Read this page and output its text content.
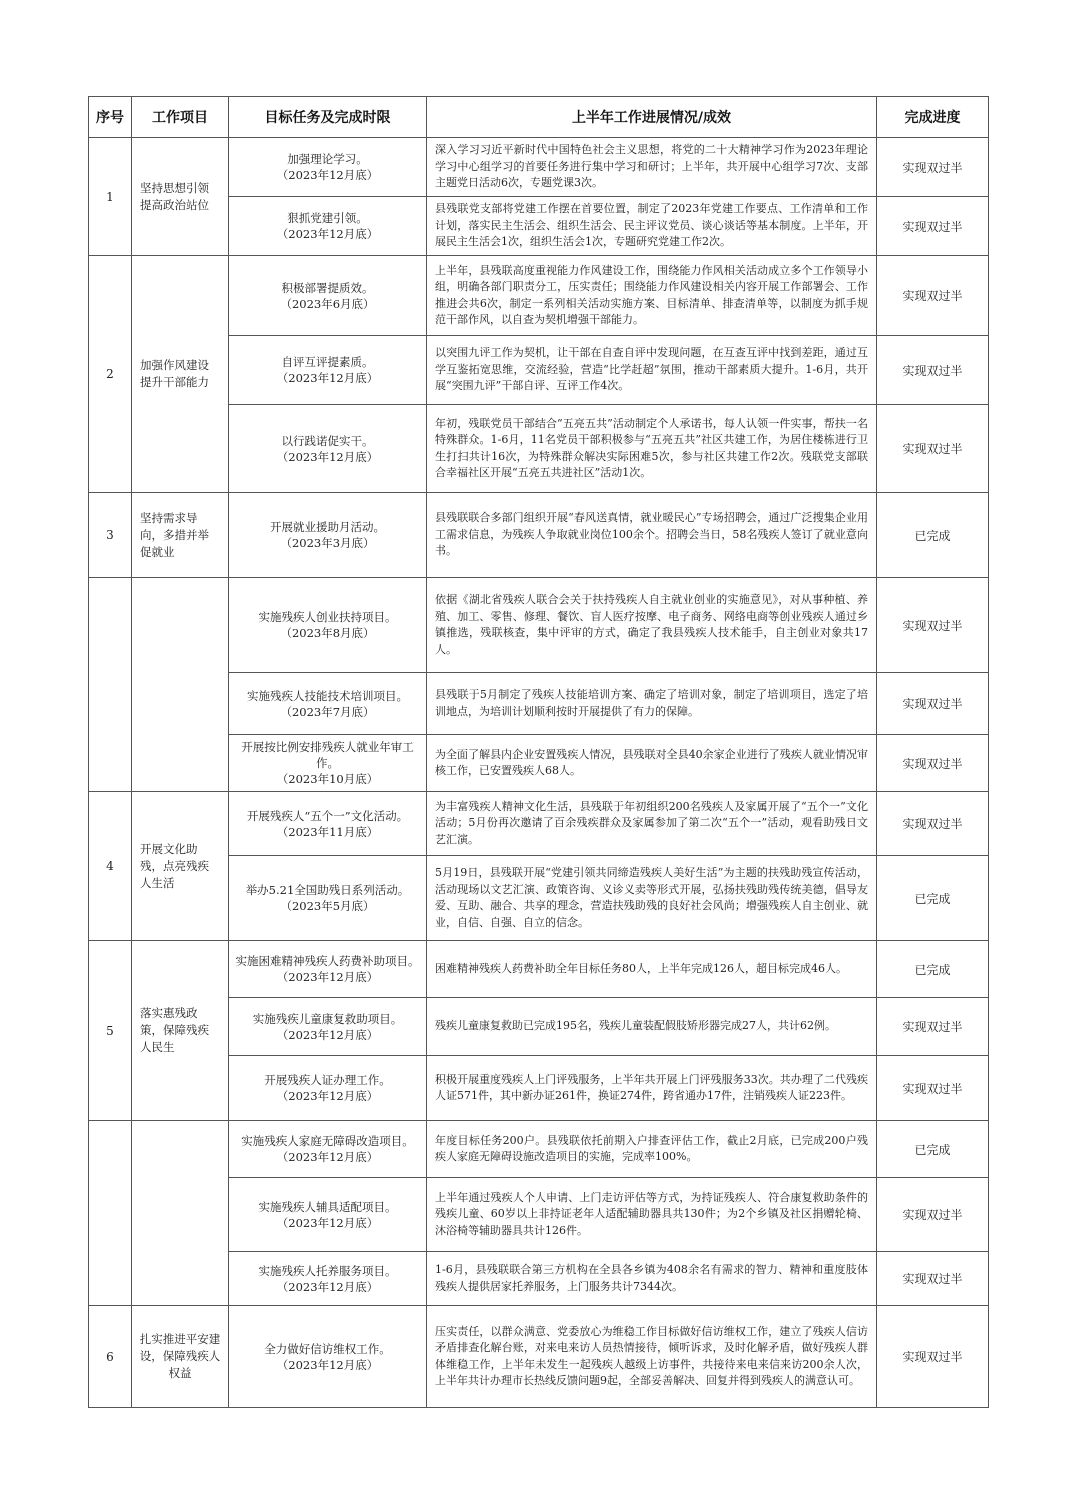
序号	工作项目	目标任务及完成时限	上半年工作进展情况/成效	完成进度
1	坚持思想引领提高政治站位	加强理论学习。
（2023年12月底）	深入学习习近平新时代中国特色社会主义思想，将党的二十大精神学习作为2023年理论学习中心组学习的首要任务进行集中学习和研讨；上半年，共开展中心组学习7次、支部主题党日活动6次，专题党课3次。	实现双过半

		狠抓党建引领。
（2023年12月底）	县残联党支部将党建工作摆在首要位置，制定了2023年党建工作要点、工作清单和工作计划，落实民主生活会、组织生活会、民主评议党员、谈心谈话等基本制度。上半年，开展民主生活会1次，组织生活会1次，专题研究党建工作2次。	实现双过半
2	加强作风建设提升干部能力	积极部署提质效。
（2023年6月底）	上半年，县残联高度重视能力作风建设工作，围绕能力作风相关活动成立多个工作领导小组，明确各部门职责分工，压实责任；围绕能力作风建设相关内容开展工作部署会、工作推进会共6次，制定一系列相关活动实施方案、目标清单、排查清单等，以制度为抓手规范干部作风，以自查为契机增强干部能力。	实现双过半

		自评互评提素质。
（2023年12月底）	以突围九评工作为契机，让干部在自查自评中发现问题，在互查互评中找到差距，通过互学互鉴拓宽思维，交流经验，营造“比学赶超”氛围，推动干部素质大提升。1-6月，共开展“突围九评”干部自评、互评工作4次。	实现双过半

		以行践诺促实干。
（2023年12月底）	年初，残联党员干部结合“五亮五共”活动制定个人承诺书，每人认领一件实事，帮扶一名特殊群众。1-6月，11名党员干部积极参与“五亮五共”社区共建工作，为居住楼栋进行卫生打扫共计16次，为特殊群众解决实际困难5次，参与社区共建工作2次。残联党支部联合幸福社区开展“五亮五共进社区”活动1次。	实现双过半
3	坚持需求导向，多措并举促就业	开展就业援助月活动。
（2023年3月底）	县残联联合多部门组织开展“春风送真情，就业暖民心”专场招聘会，通过广泛搜集企业用工需求信息，为残疾人争取就业岗位100余个。招聘会当日，58名残疾人签订了就业意向书。	已完成

		实施残疾人创业扶持项目。
（2023年8月底）	依据《湖北省残疾人联合会关于扶持残疾人自主就业创业的实施意见》，对从事种植、养殖、加工、零售、修理、餐饮、盲人医疗按摩、电子商务、网络电商等创业残疾人通过乡镇推选，残联核查，集中评审的方式，确定了我县残疾人技术能手，自主创业对象共17人。	实现双过半

		实施残疾人技能技术培训项目。
（2023年7月底）	县残联于5月制定了残疾人技能培训方案、确定了培训对象，制定了培训项目，选定了培训地点，为培训计划顺利按时开展提供了有力的保障。	实现双过半

		开展按比例安排残疾人就业年审工作。
（2023年10月底）	为全面了解县内企业安置残疾人情况，县残联对全县40余家企业进行了残疾人就业情况审核工作，已安置残疾人68人。	实现双过半
4	开展文化助残，点亮残疾人生活	开展残疾人“五个一”文化活动。
（2023年11月底）	为丰富残疾人精神文化生活，县残联于年初组织200名残疾人及家属开展了“五个一”文化活动；5月份再次邀请了百余残疾群众及家属参加了第二次“五个一”活动，观看助残日文艺汇演。	实现双过半

		举办5.21全国助残日系列活动。
（2023年5月底）	5月19日，县残联开展“党建引领共同缔造残疾人美好生活”为主题的扶残助残宣传活动，活动现场以文艺汇演、政策咨询、义诊义卖等形式开展，弘扬扶残助残传统美德，倡导友爱、互助、融合、共享的理念，营造扶残助残的良好社会风尚；增强残疾人自主创业、就业，自信、自强、自立的信念。	已完成
5	落实惠残政策，保障残疾人民生	实施困难精神残疾人药费补助项目。
（2023年12月底）	困难精神残疾人药费补助全年目标任务80人，上半年完成126人，超目标完成46人。	已完成

		实施残疾儿童康复救助项目。
（2023年12月底）	残疾儿童康复救助已完成195名，残疾儿童装配假肢矫形器完成27人，共计62例。	实现双过半

		开展残疾人证办理工作。
（2023年12月底）	积极开展重度残疾人上门评残服务，上半年共开展上门评残服务33次。共办理了二代残疾人证571件，其中新办证261件，换证274件，跨省通办17件，注销残疾人证223件。	实现双过半

		实施残疾人家庭无障碍改造项目。
（2023年12月底）	年度目标任务200户。县残联依托前期入户排查评估工作，截止2月底，已完成200户残疾人家庭无障碍设施改造项目的实施，完成率100%。	已完成

		实施残疾人辅具适配项目。
（2023年12月底）	上半年通过残疾人个人申请、上门走访评估等方式，为持证残疾人、符合康复救助条件的残疾儿童、60岁以上非持证老年人适配辅助器具共130件；为2个乡镇及社区捐赠轮椅、沐浴椅等辅助器具共计126件。	实现双过半

		实施残疾人托养服务项目。
（2023年12月底）	1-6月，县残联联合第三方机构在全县各乡镇为408余名有需求的智力、精神和重度肢体残疾人提供居家托养服务，上门服务共计7344次。	实现双过半
6	扎实推进平安建设，保障残疾人权益	全力做好信访维权工作。
（2023年12月底）	压实责任，以群众满意、党委放心为维稳工作目标做好信访维权工作，建立了残疾人信访矛盾排查化解台账，对来电来访人员热情接待，倾听诉求，及时化解矛盾，做好残疾人群体维稳工作，上半年未发生一起残疾人越级上访事件，共接待来电来信来访200余人次，上半年共计办理市长热线反馈问题9起，全部妥善解决、回复并得到残疾人的满意认可。	实现双过半
